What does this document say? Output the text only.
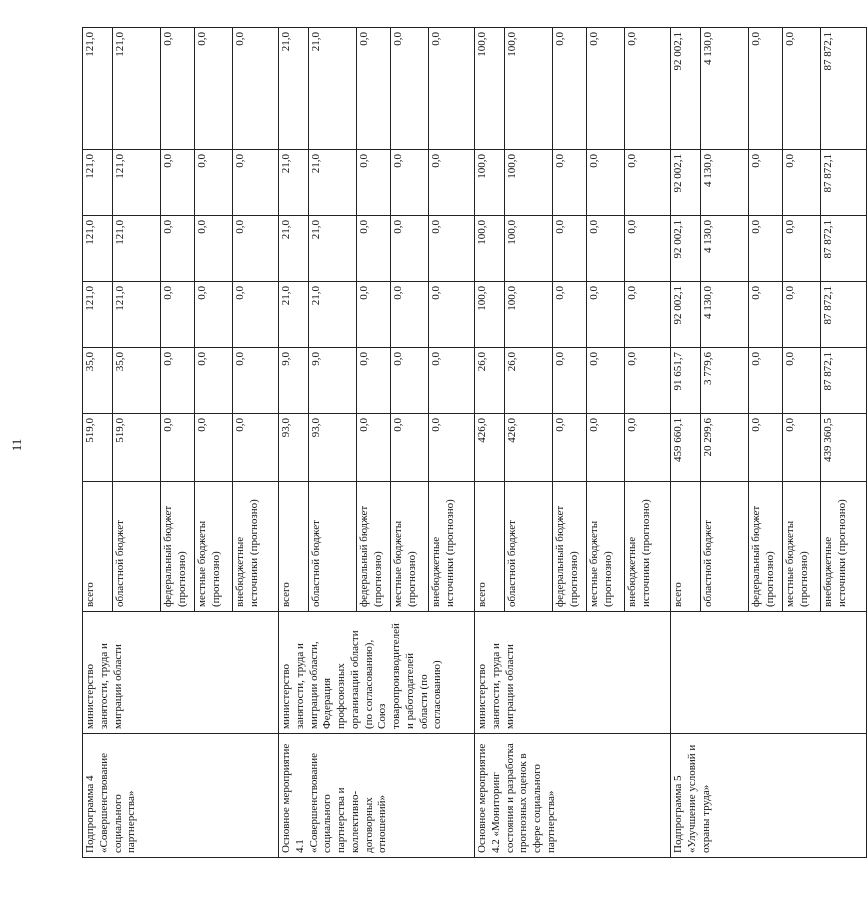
11
Подпрограмма 4 «Совершенствование социального партнерства»	министерство занятости, труда и миграции области	всего	519,0	35,0	121,0	121,0	121,0	121,0
		областной бюджет	519,0	35,0	121,0	121,0	121,0	121,0
		федеральный бюджет (прогнозно)	0,0	0,0	0,0	0,0	0,0	0,0
		местные бюджеты (прогнозно)	0,0	0,0	0,0	0,0	0,0	0,0
		внебюджетные источники (прогнозно)	0,0	0,0	0,0	0,0	0,0	0,0
Основное мероприятие 4.1 «Совершенствование социального партнерства и коллективно-договорных отношений»	министерство занятости, труда и миграции области, Федерация профсоюзных организаций области (по согласованию), Союз товаропроизводителей и работодателей области (по согласованию)	всего	93,0	9,0	21,0	21,0	21,0	21,0
		областной бюджет	93,0	9,0	21,0	21,0	21,0	21,0
		федеральный бюджет (прогнозно)	0,0	0,0	0,0	0,0	0,0	0,0
		местные бюджеты (прогнозно)	0,0	0,0	0,0	0,0	0,0	0,0
		внебюджетные источники (прогнозно)	0,0	0,0	0,0	0,0	0,0	0,0
Основное мероприятие 4.2 «Мониторинг состояния и разработка прогнозных оценок в сфере социального партнерства»	министерство занятости, труда и миграции области	всего	426,0	26,0	100,0	100,0	100,0	100,0
		областной бюджет	426,0	26,0	100,0	100,0	100,0	100,0
		федеральный бюджет (прогнозно)	0,0	0,0	0,0	0,0	0,0	0,0
		местные бюджеты (прогнозно)	0,0	0,0	0,0	0,0	0,0	0,0
		внебюджетные источники (прогнозно)	0,0	0,0	0,0	0,0	0,0	0,0
Подпрограмма 5 «Улучшение условий и охраны труда»		всего	459 660,1	91 651,7	92 002,1	92 002,1	92 002,1	92 002,1
		областной бюджет	20 299,6	3 779,6	4 130,0	4 130,0	4 130,0	4 130,0
		федеральный бюджет (прогнозно)	0,0	0,0	0,0	0,0	0,0	0,0
		местные бюджеты (прогнозно)	0,0	0,0	0,0	0,0	0,0	0,0
		внебюджетные источники (прогнозно)	439 360,5	87 872,1	87 872,1	87 872,1	87 872,1	87 872,1
